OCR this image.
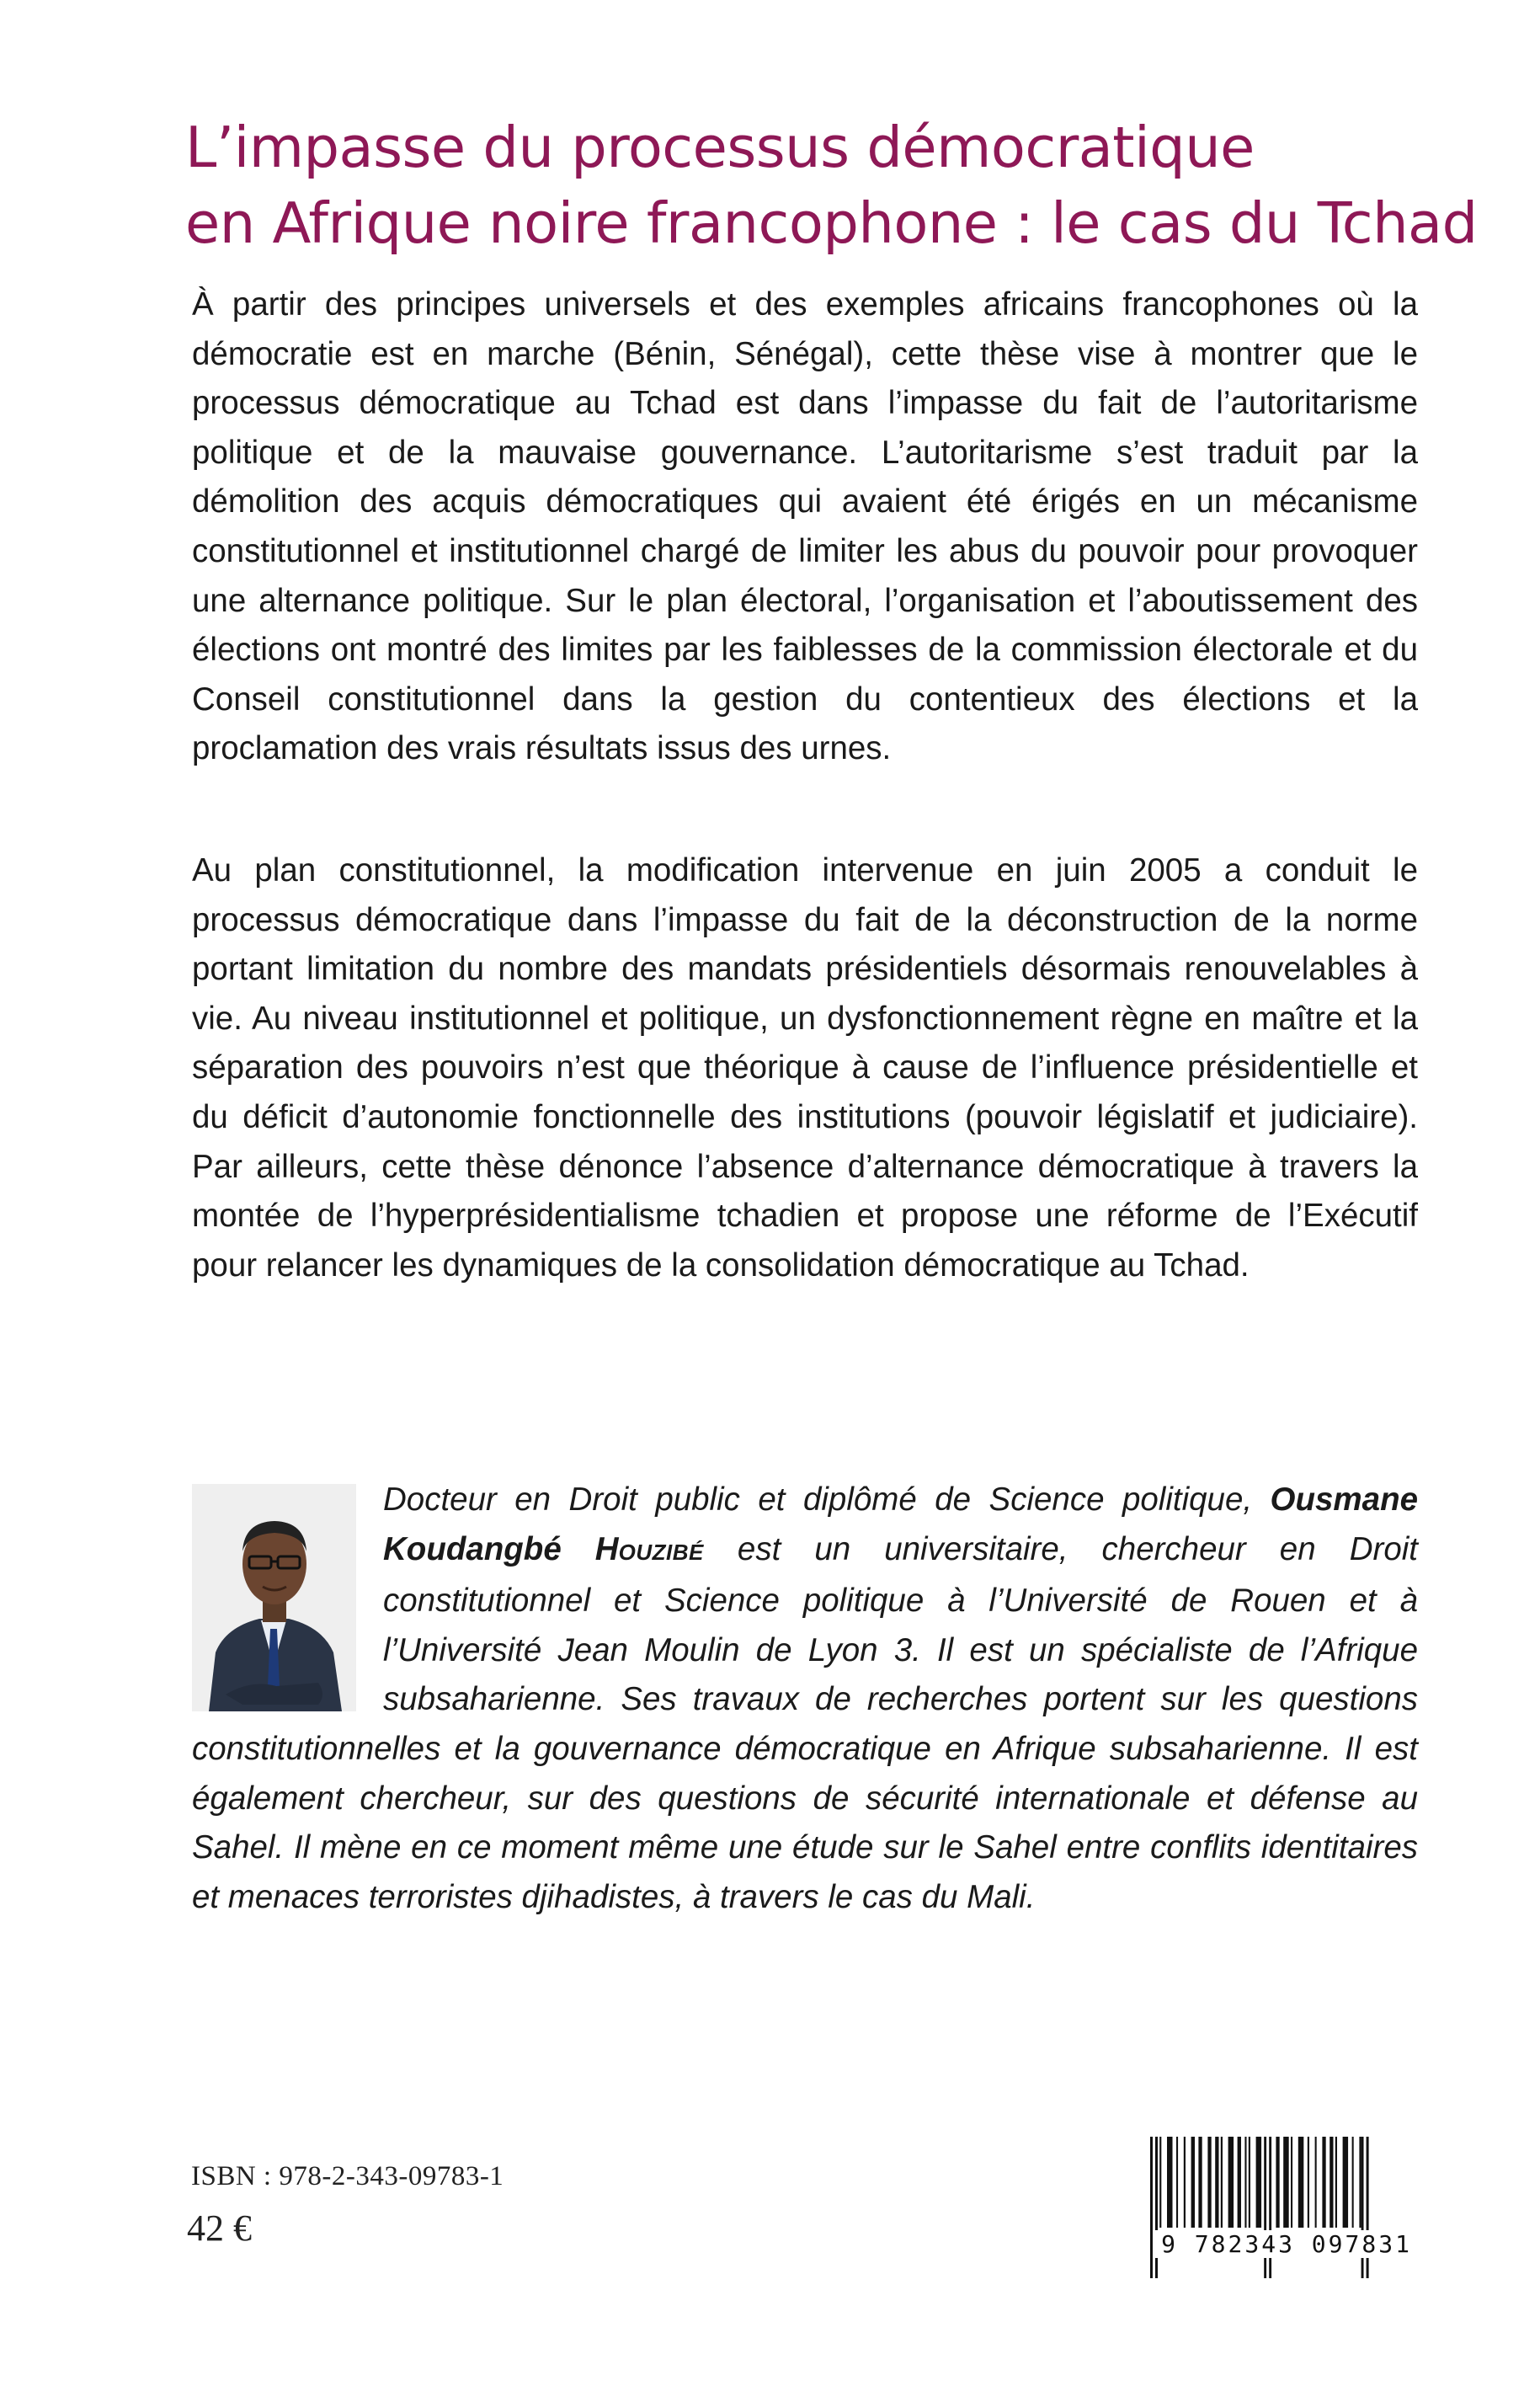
L’impasse du processus démocratique
en Afrique noire francophone : le cas du Tchad

À partir des principes universels et des exemples africains francophones où la démocratie est en marche (Bénin, Sénégal), cette thèse vise à montrer que le processus démocratique au Tchad est dans l’impasse du fait de l’autoritarisme politique et de la mauvaise gouvernance. L’autoritarisme s’est traduit par la démolition des acquis démocratiques qui avaient été érigés en un mécanisme constitutionnel et institutionnel chargé de limiter les abus du pouvoir pour provoquer une alternance politique. Sur le plan électoral, l’organisation et l’aboutissement des élections ont montré des limites par les faiblesses de la commission électorale et du Conseil constitutionnel dans la gestion du contentieux des élections et la proclamation des vrais résultats issus des urnes.

Au plan constitutionnel, la modification intervenue en juin 2005 a conduit le processus démocratique dans l’impasse du fait de la déconstruction de la norme portant limitation du nombre des mandats présidentiels désormais renouvelables à vie. Au niveau institutionnel et politique, un dysfonctionnement règne en maître et la séparation des pouvoirs n’est que théorique à cause de l’influence présidentielle et du déficit d’autonomie fonctionnelle des institutions (pouvoir législatif et judiciaire). Par ailleurs, cette thèse dénonce l’absence d’alternance démocratique à travers la montée de l’hyperprésidentialisme tchadien et propose une réforme de l’Exécutif pour relancer les dynamiques de la consolidation démocratique au Tchad.

Docteur en Droit public et diplômé de Science politique, Ousmane Koudangbé HOUZIBÉ est un universitaire, chercheur en Droit constitutionnel et Science politique à l’Université de Rouen et à l’Université Jean Moulin de Lyon 3. Il est un spécialiste de l’Afrique subsaharienne. Ses travaux de recherches portent sur les questions constitutionnelles et la gouvernance démocratique en Afrique subsaharienne. Il est également chercheur, sur des questions de sécurité internationale et défense au Sahel. Il mène en ce moment même une étude sur le Sahel entre conflits identitaires et menaces terroristes djihadistes, à travers le cas du Mali.

ISBN : 978-2-343-09783-1
42 €	9 782343 097831
